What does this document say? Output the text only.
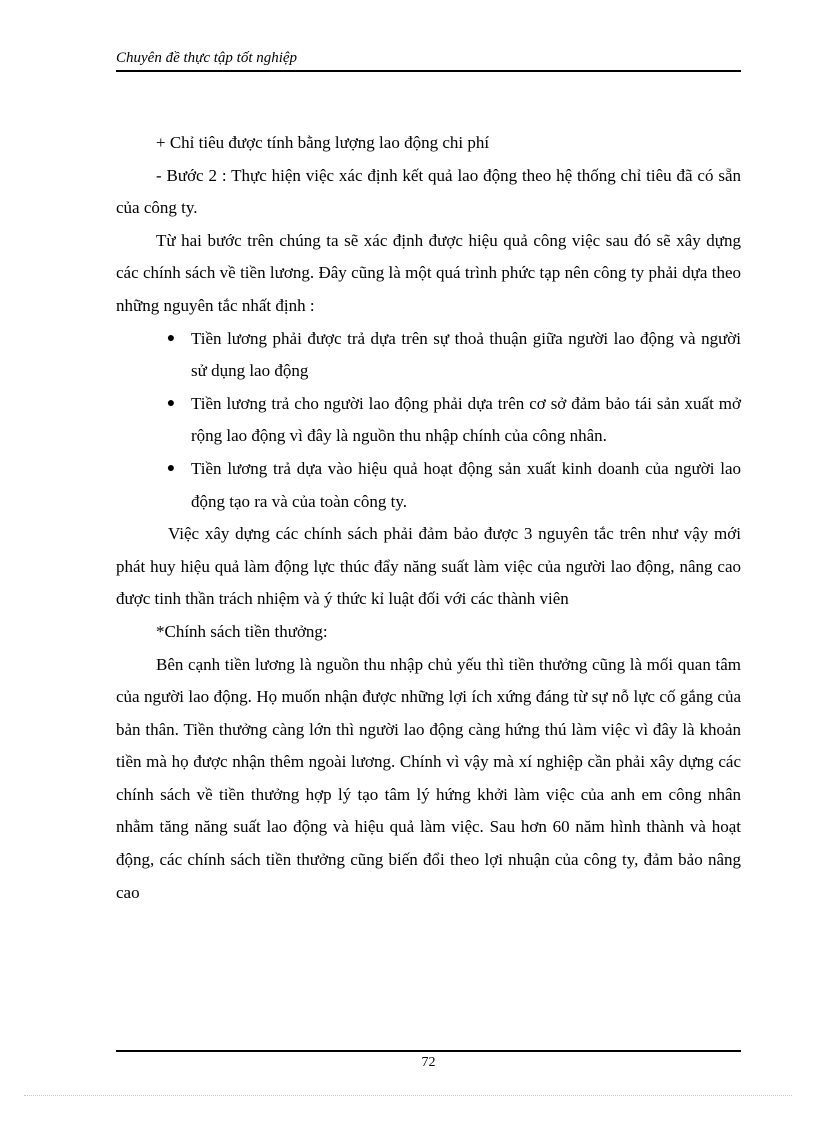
Chuyên đề thực tập tốt nghiệp

+ Chỉ tiêu được tính bằng lượng lao động chi phí

- Bước 2 : Thực hiện việc xác định kết quả lao động theo hệ thống chỉ tiêu đã có sẵn của công ty.

Từ hai bước trên chúng ta sẽ xác định được hiệu quả công việc sau đó sẽ xây dựng các chính sách về tiền lương. Đây cũng là một quá trình phức tạp nên công ty phải dựa theo những nguyên tắc nhất định :

● Tiền lương phải được trả dựa trên sự thoả thuận giữa người lao động và người sử dụng lao động
● Tiền lương trả cho người lao động phải dựa trên cơ sở đảm bảo tái sản xuất mở rộng lao động vì đây là nguồn thu nhập chính của công nhân.
● Tiền lương trả dựa vào hiệu quả hoạt động sản xuất kinh doanh của người lao động tạo ra và của toàn công ty.

Việc xây dựng các chính sách phải đảm bảo được 3 nguyên tắc trên như vậy mới phát huy hiệu quả làm động lực thúc đẩy năng suất làm việc của người lao động, nâng cao được tinh thần trách nhiệm và ý thức kỉ luật đối với các thành viên

*Chính sách tiền thưởng:

Bên cạnh tiền lương là nguồn thu nhập chủ yếu thì tiền thưởng cũng là mối quan tâm của người lao động. Họ muốn nhận được những lợi ích xứng đáng từ sự nỗ lực cố gắng của bản thân. Tiền thưởng càng lớn thì người lao động càng hứng thú làm việc vì đây là khoản tiền mà họ được nhận thêm ngoài lương. Chính vì vậy mà xí nghiệp cần phải xây dựng các chính sách về tiền thưởng hợp lý tạo tâm lý hứng khởi làm việc của anh em công nhân nhằm tăng năng suất lao động và hiệu quả làm việc. Sau hơn 60 năm hình thành và hoạt động, các chính sách tiền thưởng cũng biến đổi theo lợi nhuận của công ty, đảm bảo nâng cao

72
